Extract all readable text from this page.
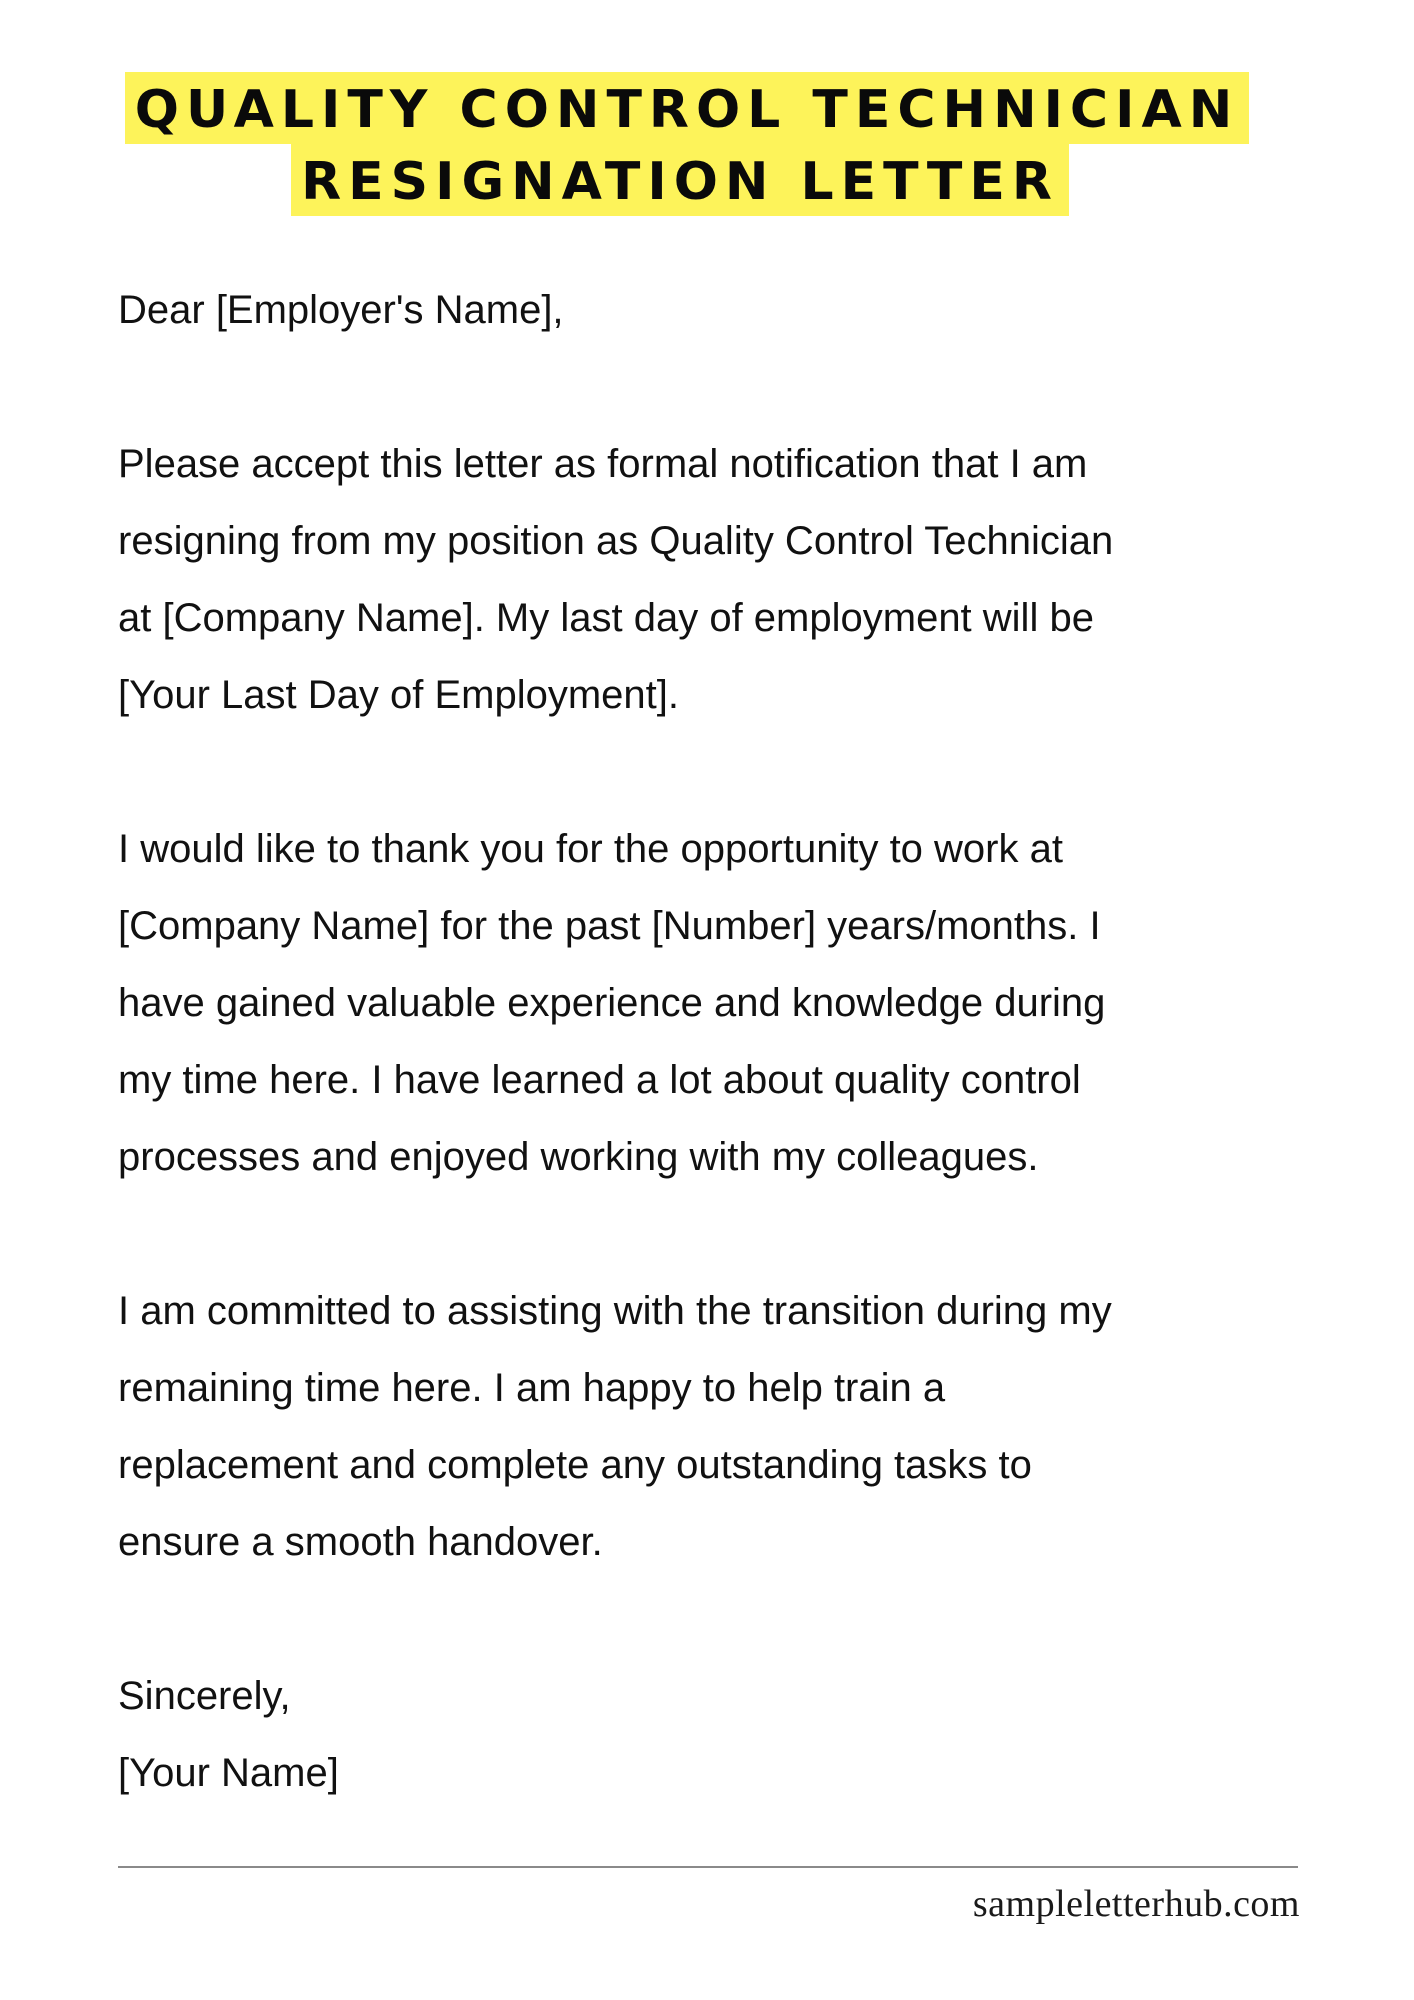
QUALITY CONTROL TECHNICIAN
RESIGNATION LETTER

Dear [Employer's Name],

Please accept this letter as formal notification that I am

resigning from my position as Quality Control Technician

at [Company Name]. My last day of employment will be

[Your Last Day of Employment].

I would like to thank you for the opportunity to work at

[Company Name] for the past [Number] years/months. I

have gained valuable experience and knowledge during

my time here. I have learned a lot about quality control

processes and enjoyed working with my colleagues.

I am committed to assisting with the transition during my

remaining time here. I am happy to help train a

replacement and complete any outstanding tasks to

ensure a smooth handover.

Sincerely,

[Your Name]

sampleletterhub.com
